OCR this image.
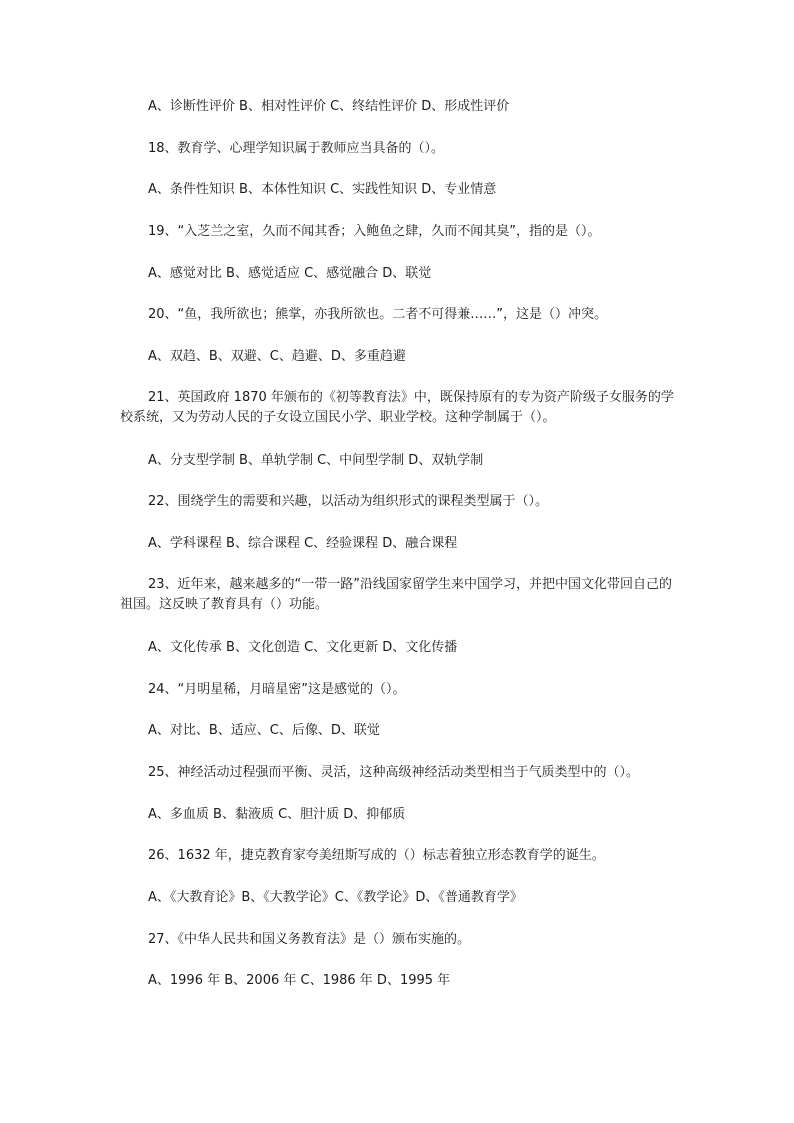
A、诊断性评价 B、相对性评价 C、终结性评价 D、形成性评价
18、教育学、心理学知识属于教师应当具备的（）。
A、条件性知识 B、本体性知识 C、实践性知识 D、专业情意
19、“入芝兰之室，久而不闻其香；入鲍鱼之肆，久而不闻其臭”，指的是（）。
A、感觉对比 B、感觉适应 C、感觉融合 D、联觉
20、“鱼，我所欲也；熊掌，亦我所欲也。二者不可得兼……”，这是（）冲突。
A、双趋、B、双避、C、趋避、D、多重趋避
21、英国政府 1870 年颁布的《初等教育法》中，既保持原有的专为资产阶级子女服务的学校系统，又为劳动人民的子女设立国民小学、职业学校。这种学制属于（）。
A、分支型学制 B、单轨学制 C、中间型学制 D、双轨学制
22、围绕学生的需要和兴趣，以活动为组织形式的课程类型属于（）。
A、学科课程 B、综合课程 C、经验课程 D、融合课程
23、近年来，越来越多的“一带一路”沿线国家留学生来中国学习，并把中国文化带回自己的祖国。这反映了教育具有（）功能。
A、文化传承 B、文化创造 C、文化更新 D、文化传播
24、“月明星稀，月暗星密”这是感觉的（）。
A、对比、B、适应、C、后像、D、联觉
25、神经活动过程强而平衡、灵活，这种高级神经活动类型相当于气质类型中的（）。
A、多血质 B、黏液质 C、胆汁质 D、抑郁质
26、1632 年，捷克教育家夸美纽斯写成的（）标志着独立形态教育学的诞生。
A、《大教育论》B、《大教学论》C、《教学论》D、《普通教育学》
27、《中华人民共和国义务教育法》是（）颁布实施的。
A、1996 年 B、2006 年 C、1986 年 D、1995 年
